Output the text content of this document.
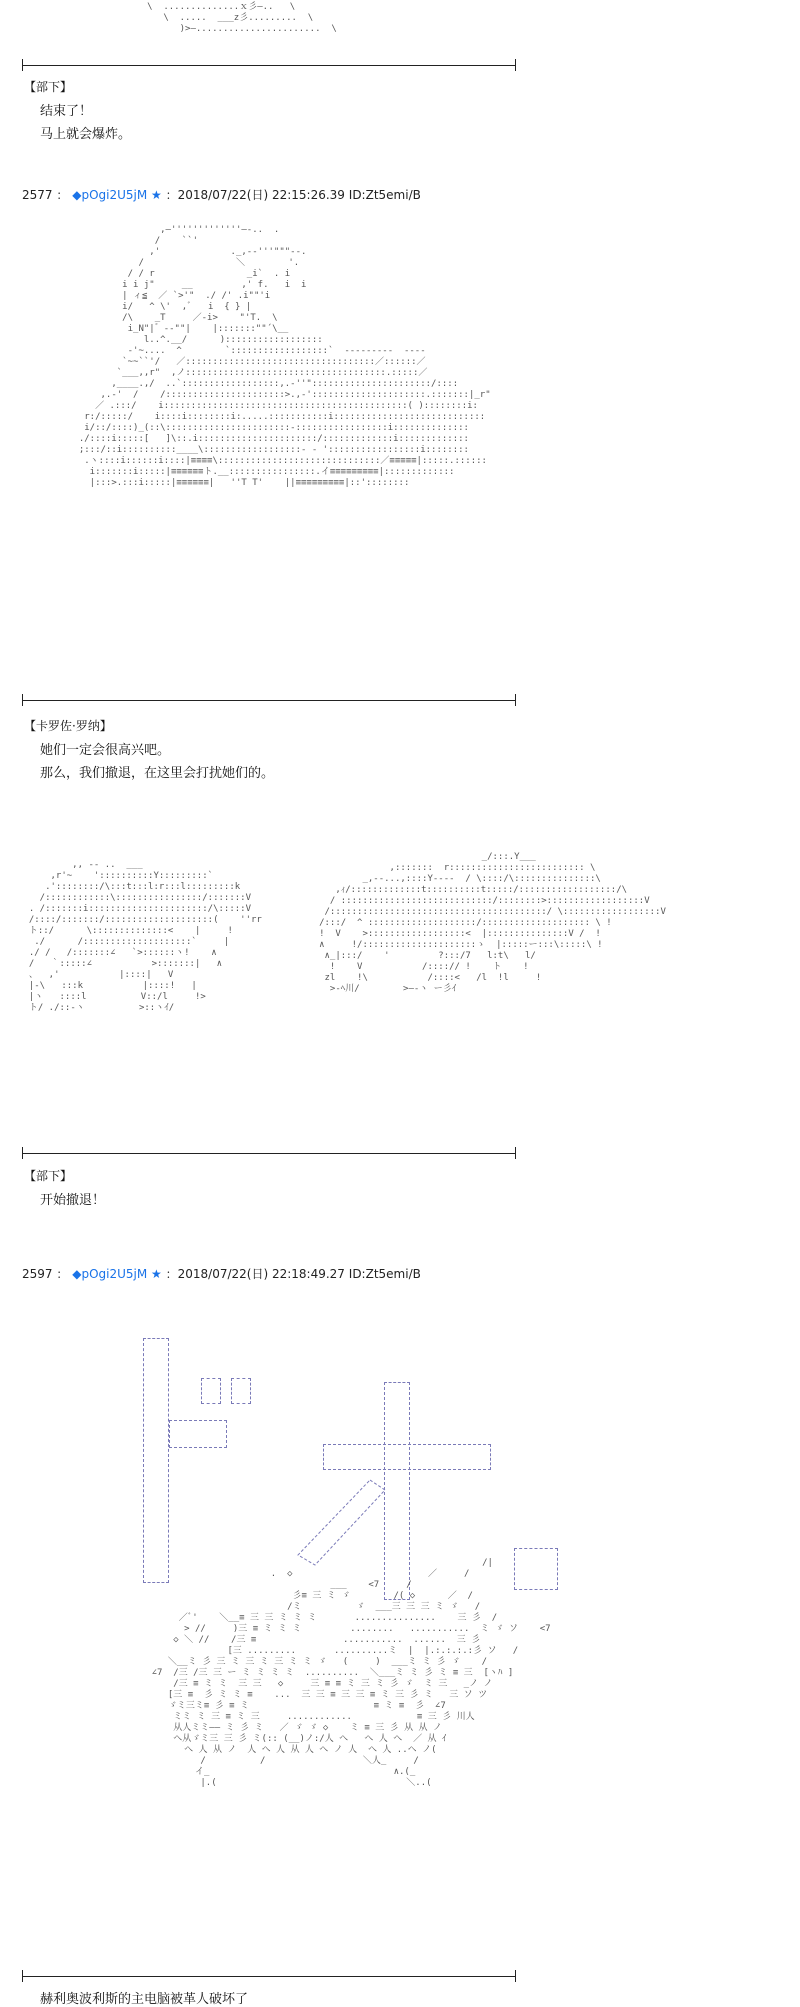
\  ..............ｘ彡―..   \
\  .....  ___z彡.........  \
)>―.......................  \
【部下】
结束了！
马上就会爆炸。
2577 ： ◆pOgi2U5jM ★ ：2018/07/22(日) 22:15:26.39 ID:Zt5emi/B
,―'''''''''''''―-..  .
/    ``'
,'             ._,-‐'''"""--.
/                 ＼        '.
/ / r                 _i`  . i
i i j"     __         ,' f.   i  i
| ィ≦  ／ `>'"  ./ /' .i""'i
i/   ^ \'  ,ﾞ   i  { } |
/\    _T     ／-i>    "'T.  \
i_N"|゛--""|    |:::::::""´\__
l..^.__/      )::::::::::::::::::
-'~....  ^        `::::::::::::::::::`  ---------  ----
`~~``'/   ／:::::::::::::::::::::::::::::::::::／::::::／
`___,,r"  ,ノ:::::::::::::::::::::::::::::::::::::.:::::／
,____.,/  ..`::::::::::::::::::,.-''"::::::::::::::::::::::/::::
,.-'  /    /::::::::::::::::::::::>.,-':::::::::::::::::::::.:::::::|_r"
／ .:::/    i:::::::::::::::::::::::::::::::::::::::::::::( )::::::::i:
r:/:::::/    i::::i::::::::i:.....:::::::::::i::::::::::::::::::::::::::::
i/::/::::)_(::\:::::::::::::::::::::::-:::::::::::::::::i::::::::::::::
./::::i:::::[   ]\::.i::::::::::::::::::::::/:::::::::::::i:::::::::::::
;:::/::i::::::::::____\::::::::::::::::::- - ':::::::::::::::::i::::::::
.ヽ::::i::::::i::::|≡≡≡≡\::::::::::::::::::::::::::::::／≡≡≡≡≡|:::::.::::::
i:::::::i:::::|≡≡≡≡≡≡ト.__::::::::::::::::.イ≡≡≡≡≡≡≡≡≡|:::::::::::::
|:::>.:::i:::::|≡≡≡≡≡≡|   ''T T'    ||≡≡≡≡≡≡≡≡≡|::'::::::::
【卡罗佐·罗纳】
她们一定会很高兴吧。
那么，我们撤退，在这里会打扰她们的。
,, -- ..  ___
,r'~    '::::::::::Y:::::::::`
.'::::::::/\:::t:::l:r:::l:::::::::k
/::::::::::::\::::::::::::::::/:::::::V
. /:::::::i::::::::::::::::::::::/\:::::V
/::::/:::::::/::::::::::::::::::::(    ''rr
ト::/      \::::::::::::::<    |     !
./      /::::::::::::::::::::`     |
./ /   /:::::::∠   `>::::::ヽ!    ∧
/   ｀:::::∠           >:::::::|   ∧
、  ,'           |::::|   V
|-\   :::k           |::::!   |
|ヽ   ::::l          V::/l     !>
ト/ ./::-ヽ          >::ヽｲ/
_/:::.Y___
,:::::::  r::::::::::::::::::::::::: \
_,--...,::::Y----  / \::::/\:::::::::::::::\
,ｨ/:::::::::::::t::::::::::t:::::/::::::::::::::::::/\
/ ::::::::::::::::::::::::::::/::::::::>::::::::::::::::::V
/::::::::::::::::::::::::::::::::::::::::/ \::::::::::::::::::V
/:::/  ^ ::::::::::::::::::::/:::::::::::::::::::: \ !
!  V    >::::::::::::::::::<  |:::::::::::::::V /  !
∧     !/:::::::::::::::::::::ゝ  |:::::ー:::\:::::\ !
∧_|:::/    '         ?:::/7   l:t\   l/
!    V           /::::// !    ト    !
zl    !\           /::::<   /l  !l     !
>-ﾍ川/        >―-ヽ ー彡ｲ
【部下】
开始撤退！
2597 ： ◆pOgi2U5jM ★ ：2018/07/22(日) 22:18:49.27 ID:Zt5emi/B
/|
.  ◇                         ／     /
___    <7     /
彡≡ 三 ミ ゞ        /( ◇      ／  /
/ミ          ゞ  ___三 三 三 ミ ゞ   /
／ﾞ'    ＼__≡ 三 三 ミ ミ ミ       ...............    三 彡  /
> //     )三 ≡ ミ ミ ミ         ........   ...........  ミ ゞ ソ    <7
◇ ＼ //    /三 ≡                ...........  ......  三 彡
[三 .........       ..........ミ  |  |.:.:.:.:彡 ソ   /
＼__ミ 彡 三 ミ 三 ミ 三 ミ ミ ゞ   (     )  ___ミ ミ 彡 ゞ    /
∠7  /三 /三 三 ー ミ ミ ミ ミ  ..........  ＼___ミ ミ 彡 ミ ≡ 三  [ヽﾊ ]
/三 ≡ ミ ミ  三 三   ◇     三 ≡ ≡ ミ 三 ミ 彡 ゞ  ミ 三   _ノ ノ
[三 ≡  彡 ミ ミ ≡    ...  三 三 ≡ 三 三 ≡ ミ 三 彡 ミ   三 ソ ツ
ゞミ三ミ≡ 彡 ≡ ミ                       ≡ ミ ≡  彡  ∠7
ミミ ミ 三 ≡ ミ 三     ............            ≡ 三 彡 川人
从人ミミ―― ミ 彡 ミ   ／ ゞ ゞ ◇    ミ ≡ 三 彡 从 从 ノ
へ从ゞミ三 三 彡 ミ(:: (__)ノ:/人 へ   へ 人 へ  ／ 从 ｲ
へ 人 从 ノ  人 へ 人 从 人 へ ノ 人  へ 人 ..ヘ ノ(
/          /                  ＼人_     /
イ_                                  ∧.(_
|.(                                   ＼..(
赫利奥波利斯的主电脑被革人破坏了
